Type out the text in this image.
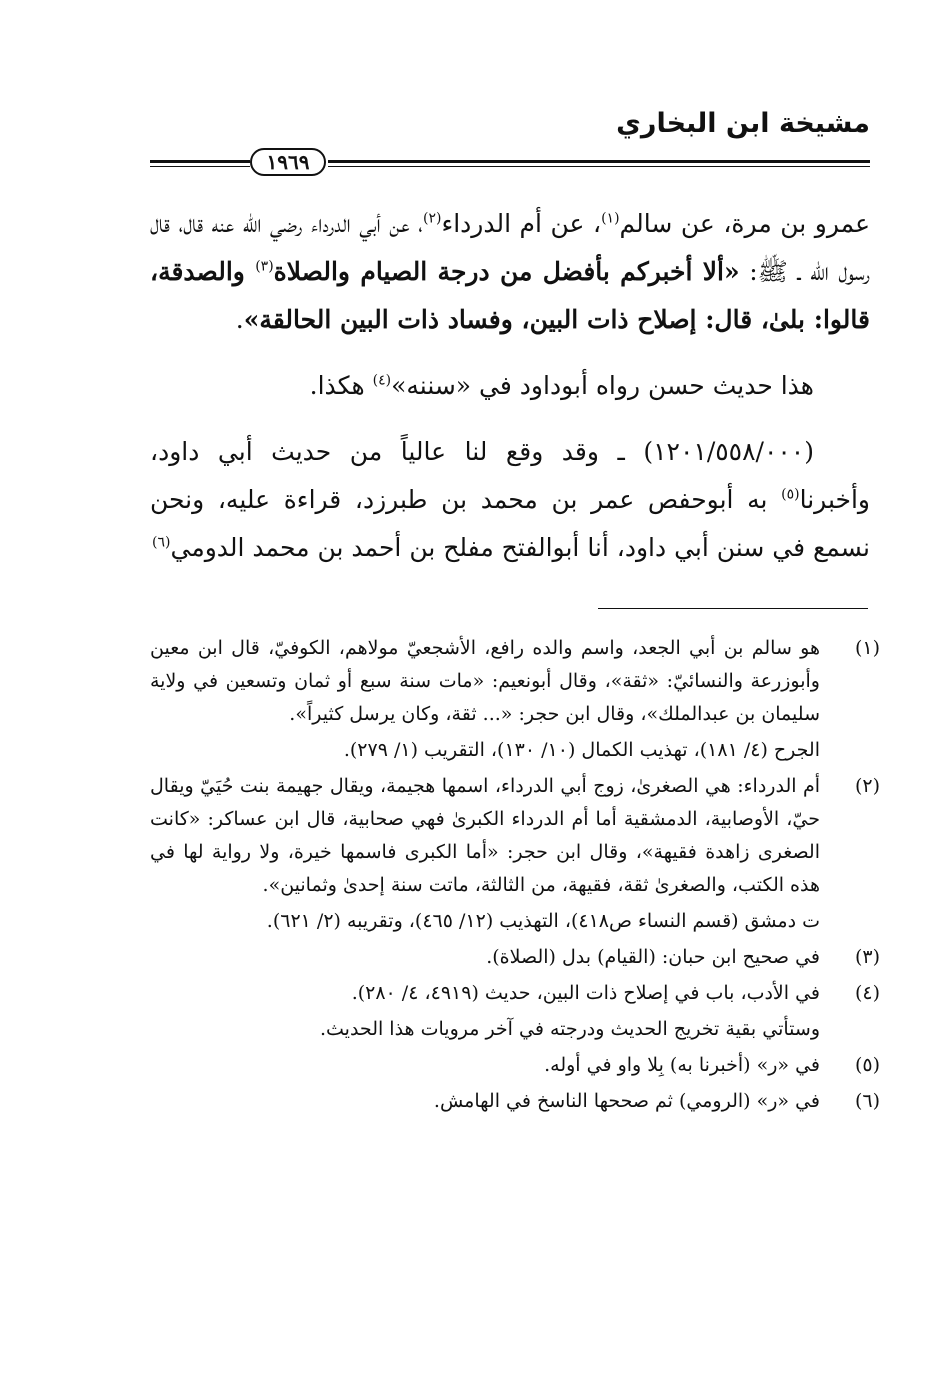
مشيخة ابن البخاري
١٩٦٩

عمرو بن مرة، عن سالم$^{(١)}$، عن أم الدرداء$^{(٢)}$، عن أبي الدرداء رضي الله عنه قال، قال رسول الله ـ ﷺ: «ألا أخبركم بأفضل من درجة الصيام والصلاة$^{(٣)}$ والصدقة، قالوا: بلىٰ، قال: إصلاح ذات البين، وفساد ذات البين الحالقة».

هذا حديث حسن رواه أبوداود في «سننه»$^{(٤)}$ هكذا.

(١٢٠١/٥٥٨/٠٠٠) ـ وقد وقع لنا عالياً من حديث أبي داود، وأخبرنا$^{(٥)}$ به أبوحفص عمر بن محمد بن طبرزد، قراءة عليه، ونحن نسمع في سنن أبي داود، أنا أبوالفتح مفلح بن أحمد بن محمد الدومي$^{(٦)}$

(١)

هو سالم بن أبي الجعد، واسم والده رافع، الأشجعيّ مولاهم، الكوفيّ، قال ابن معين وأبوزرعة والنسائيّ: «ثقة»، وقال أبونعيم: «مات سنة سبع أو ثمان وتسعين في ولاية سليمان بن عبدالملك»، وقال ابن حجر: «... ثقة، وكان يرسل كثيراً».

الجرح (٤/ ١٨١)، تهذيب الكمال (١٠/ ١٣٠)، التقريب (١/ ٢٧٩).

(٢)

أم الدرداء: هي الصغرىٰ، زوج أبي الدرداء، اسمها هجيمة، ويقال جهيمة بنت حُيَيّ ويقال حيّ، الأوصابية، الدمشقية أما أم الدرداء الكبرىٰ فهي صحابية، قال ابن عساكر: «كانت الصغرى زاهدة فقيهة»، وقال ابن حجر: «أما الكبرى فاسمها خيرة، ولا رواية لها في هذه الكتب، والصغرىٰ ثقة، فقيهة، من الثالثة، ماتت سنة إحدىٰ وثمانين».

ت دمشق (قسم النساء ص٤١٨)، التهذيب (١٢/ ٤٦٥)، وتقريبه (٢/ ٦٢١).

(٣)

في صحيح ابن حبان: (القيام) بدل (الصلاة).

(٤)

في الأدب، باب في إصلاح ذات البين، حديث (٤٩١٩، ٤/ ٢٨٠).

وستأتي بقية تخريج الحديث ودرجته في آخر مرويات هذا الحديث.

(٥)

في «ر» (أخبرنا به) بِلا واو في أوله.

(٦)

في «ر» (الرومي) ثم صححها الناسخ في الهامش.
